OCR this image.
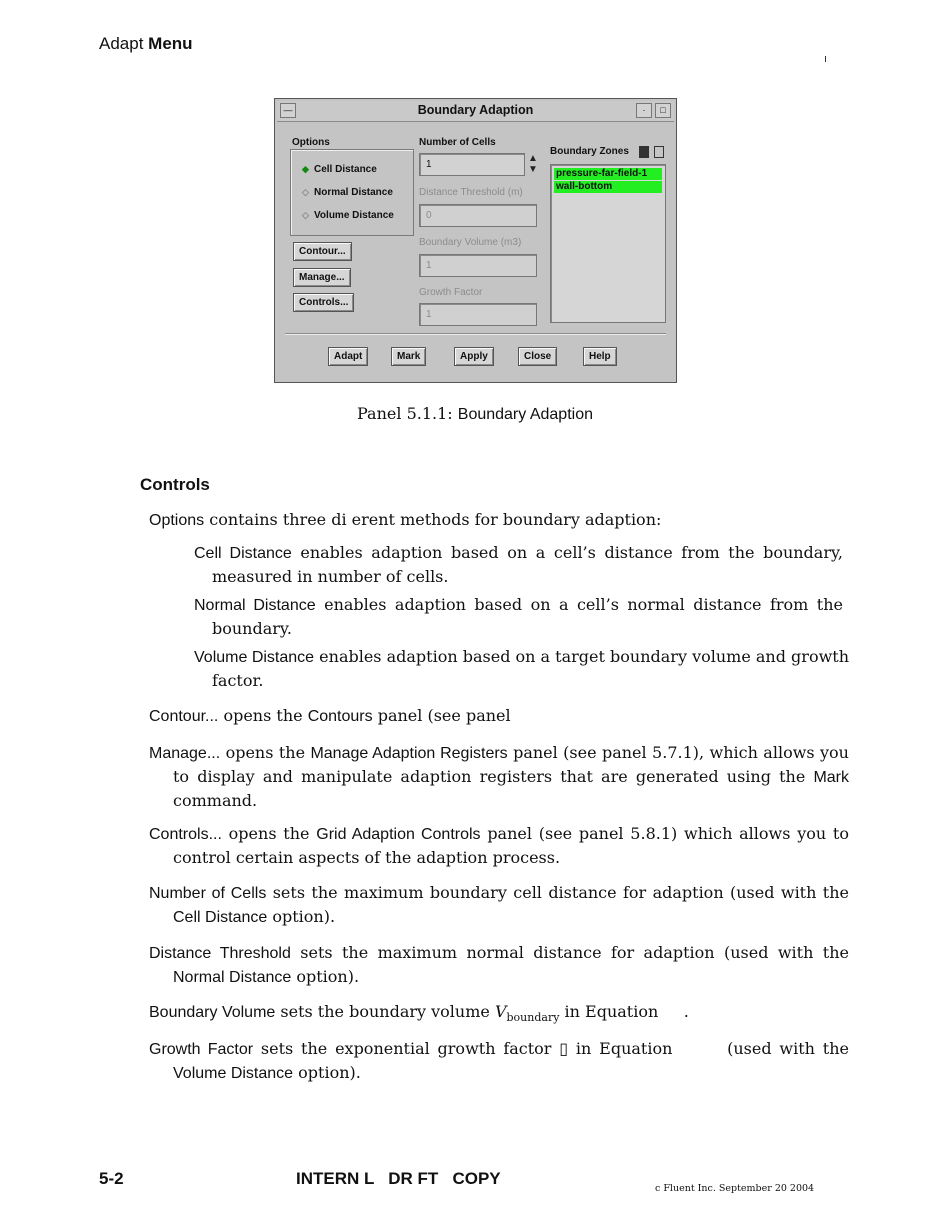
Adapt Menu
—	Boundary Adaption	·	□
Options
◆ Cell Distance
◇ Normal Distance
◇ Volume Distance
Contour...
Manage...
Controls...
Number of Cells
1
▲
▼
Distance Threshold (m)
0
Boundary Volume (m3)
1
Growth Factor
1
Boundary Zones
pressure-far-field-1
wall-bottom
Adapt	Mark	Apply	Close	Help
Panel 5.1.1: Boundary Adaption
Controls
Options contains three di erent methods for boundary adaption:
Cell Distance enables adaption based on a cell’s distance from the boundary, measured in number of cells.
Normal Distance enables adaption based on a cell’s normal distance from the boundary.
Volume Distance enables adaption based on a target boundary volume and growth factor.
Contour... opens the Contours panel (see panel
Manage... opens the Manage Adaption Registers panel (see panel 5.7.1), which allows you to display and manipulate adaption registers that are generated using the Mark command.
Controls... opens the Grid Adaption Controls panel (see panel 5.8.1) which allows you to control certain aspects of the adaption process.
Number of Cells sets the maximum boundary cell distance for adaption (used with the Cell Distance option).
Distance Threshold sets the maximum normal distance for adaption (used with the Normal Distance option).
Boundary Volume sets the boundary volume $V_{boundary}$ in Equation     .
Growth Factor sets the exponential growth factor ▯ in Equation       (used with the Volume Distance option).
5-2	INTERN L   DR FT   COPY
c Fluent Inc. September 20 2004
